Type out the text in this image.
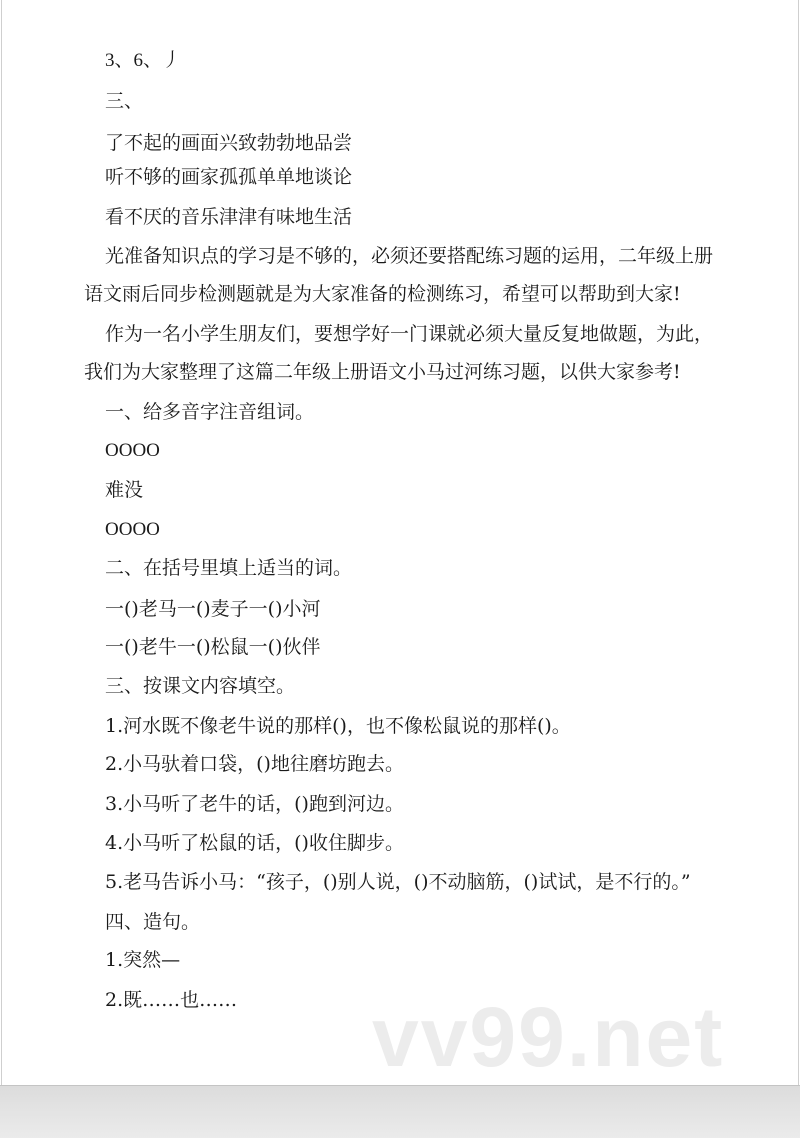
3、6、丿
三、
了不起的画面兴致勃勃地品尝
听不够的画家孤孤单单地谈论
看不厌的音乐津津有味地生活
光准备知识点的学习是不够的，必须还要搭配练习题的运用，二年级上册
语文雨后同步检测题就是为大家准备的检测练习，希望可以帮助到大家!
作为一名小学生朋友们，要想学好一门课就必须大量反复地做题，为此，
我们为大家整理了这篇二年级上册语文小马过河练习题，以供大家参考!
一、给多音字注音组词。
OOOO
难没
OOOO
二、在括号里填上适当的词。
一()老马一()麦子一()小河
一()老牛一()松鼠一()伙伴
三、按课文内容填空。
1.河水既不像老牛说的那样()，也不像松鼠说的那样()。
2.小马驮着口袋，()地往磨坊跑去。
3.小马听了老牛的话，()跑到河边。
4.小马听了松鼠的话，()收住脚步。
5.老马告诉小马：“孩子，()别人说，()不动脑筋，()试试，是不行的。”
四、造句。
1.突然—
2.既……也…… vv99.net
